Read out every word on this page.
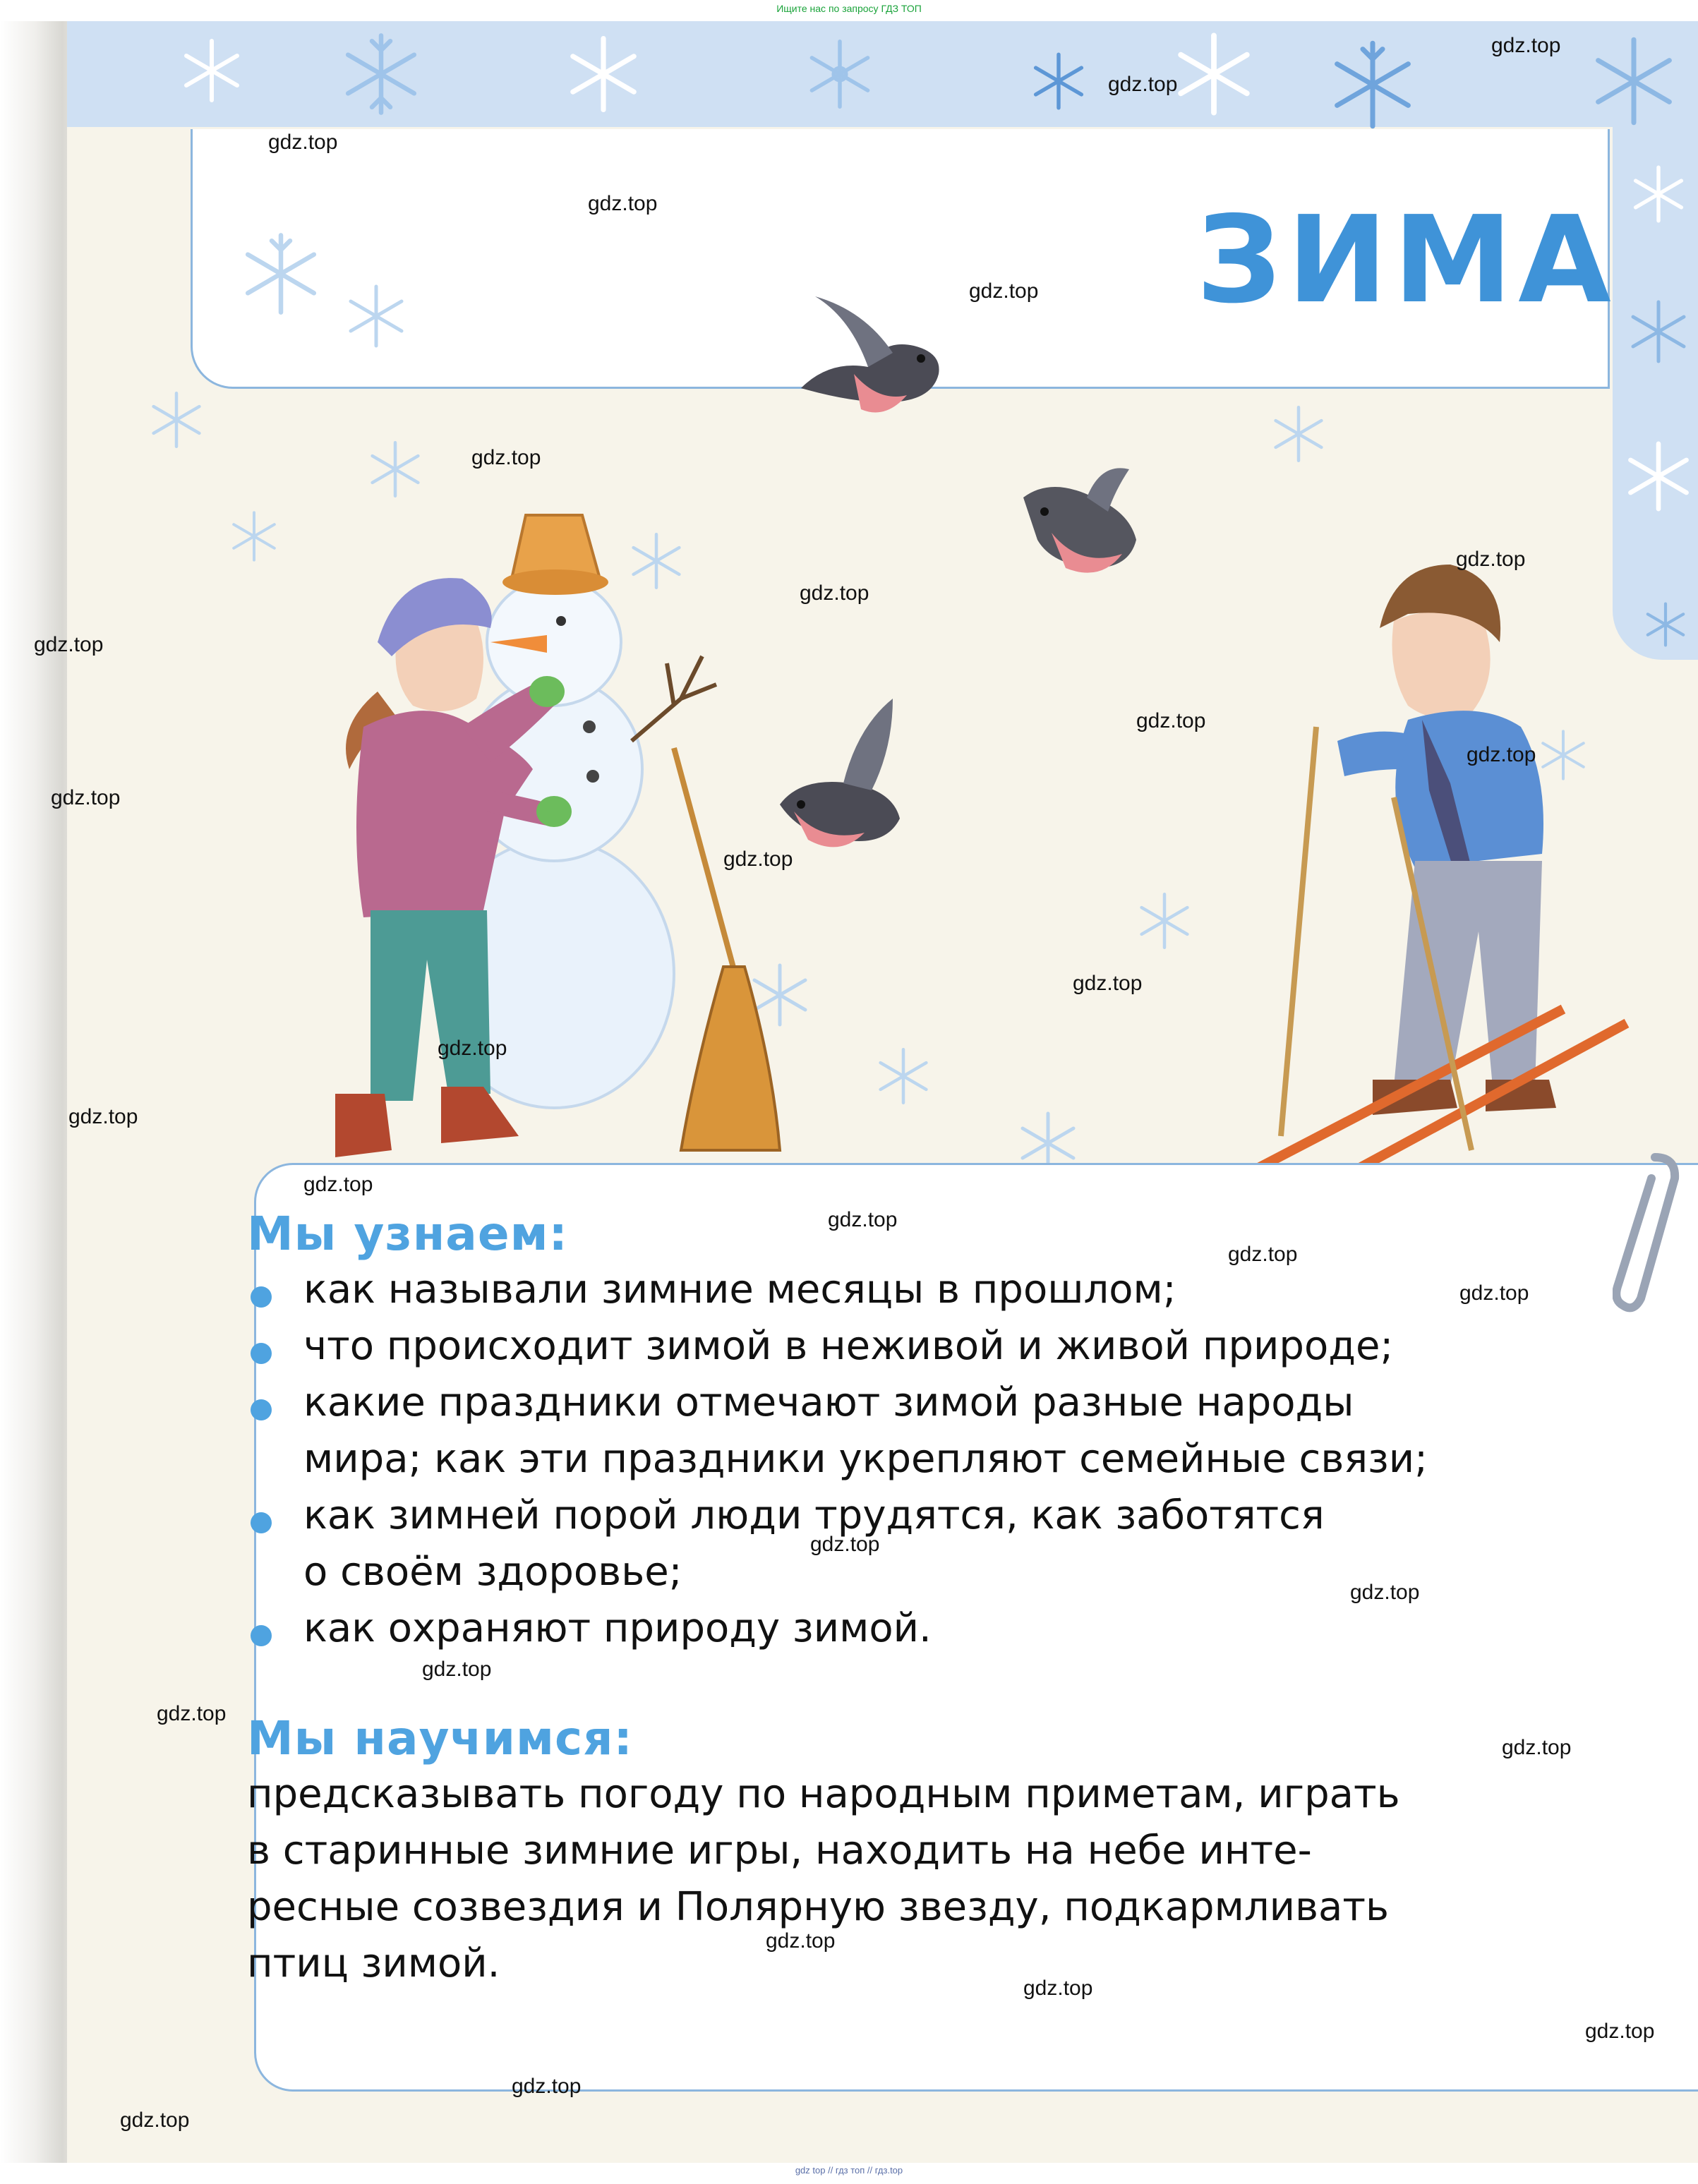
Ищите нас по запросу ГДЗ ТОП
ЗИМА
Мы узнаем:
как называли зимние месяцы в прошлом;
что происходит зимой в неживой и живой природе;
какие праздники отмечают зимой разные народы
мира; как эти праздники укрепляют семейные связи;
как зимней порой люди трудятся, как заботятся
о своём здоровье;
как охраняют природу зимой.
Мы научимся:
предсказывать погоду по народным приметам, играть
в старинные зимние игры, находить на небе инте-
ресные созвездия и Полярную звезду, подкармливать
птиц зимой.
gdz.top
gdz.top
gdz.top
gdz.top
gdz.top
gdz.top
gdz.top
gdz.top
gdz.top
gdz.top
gdz.top
gdz.top
gdz.top
gdz.top
gdz.top
gdz.top
gdz.top
gdz.top
gdz.top
gdz.top
gdz.top
gdz.top
gdz.top
gdz.top
gdz.top
gdz.top
gdz.top
gdz.top
gdz.top
gdz.top
gdz top // гдз топ // гдз.top
